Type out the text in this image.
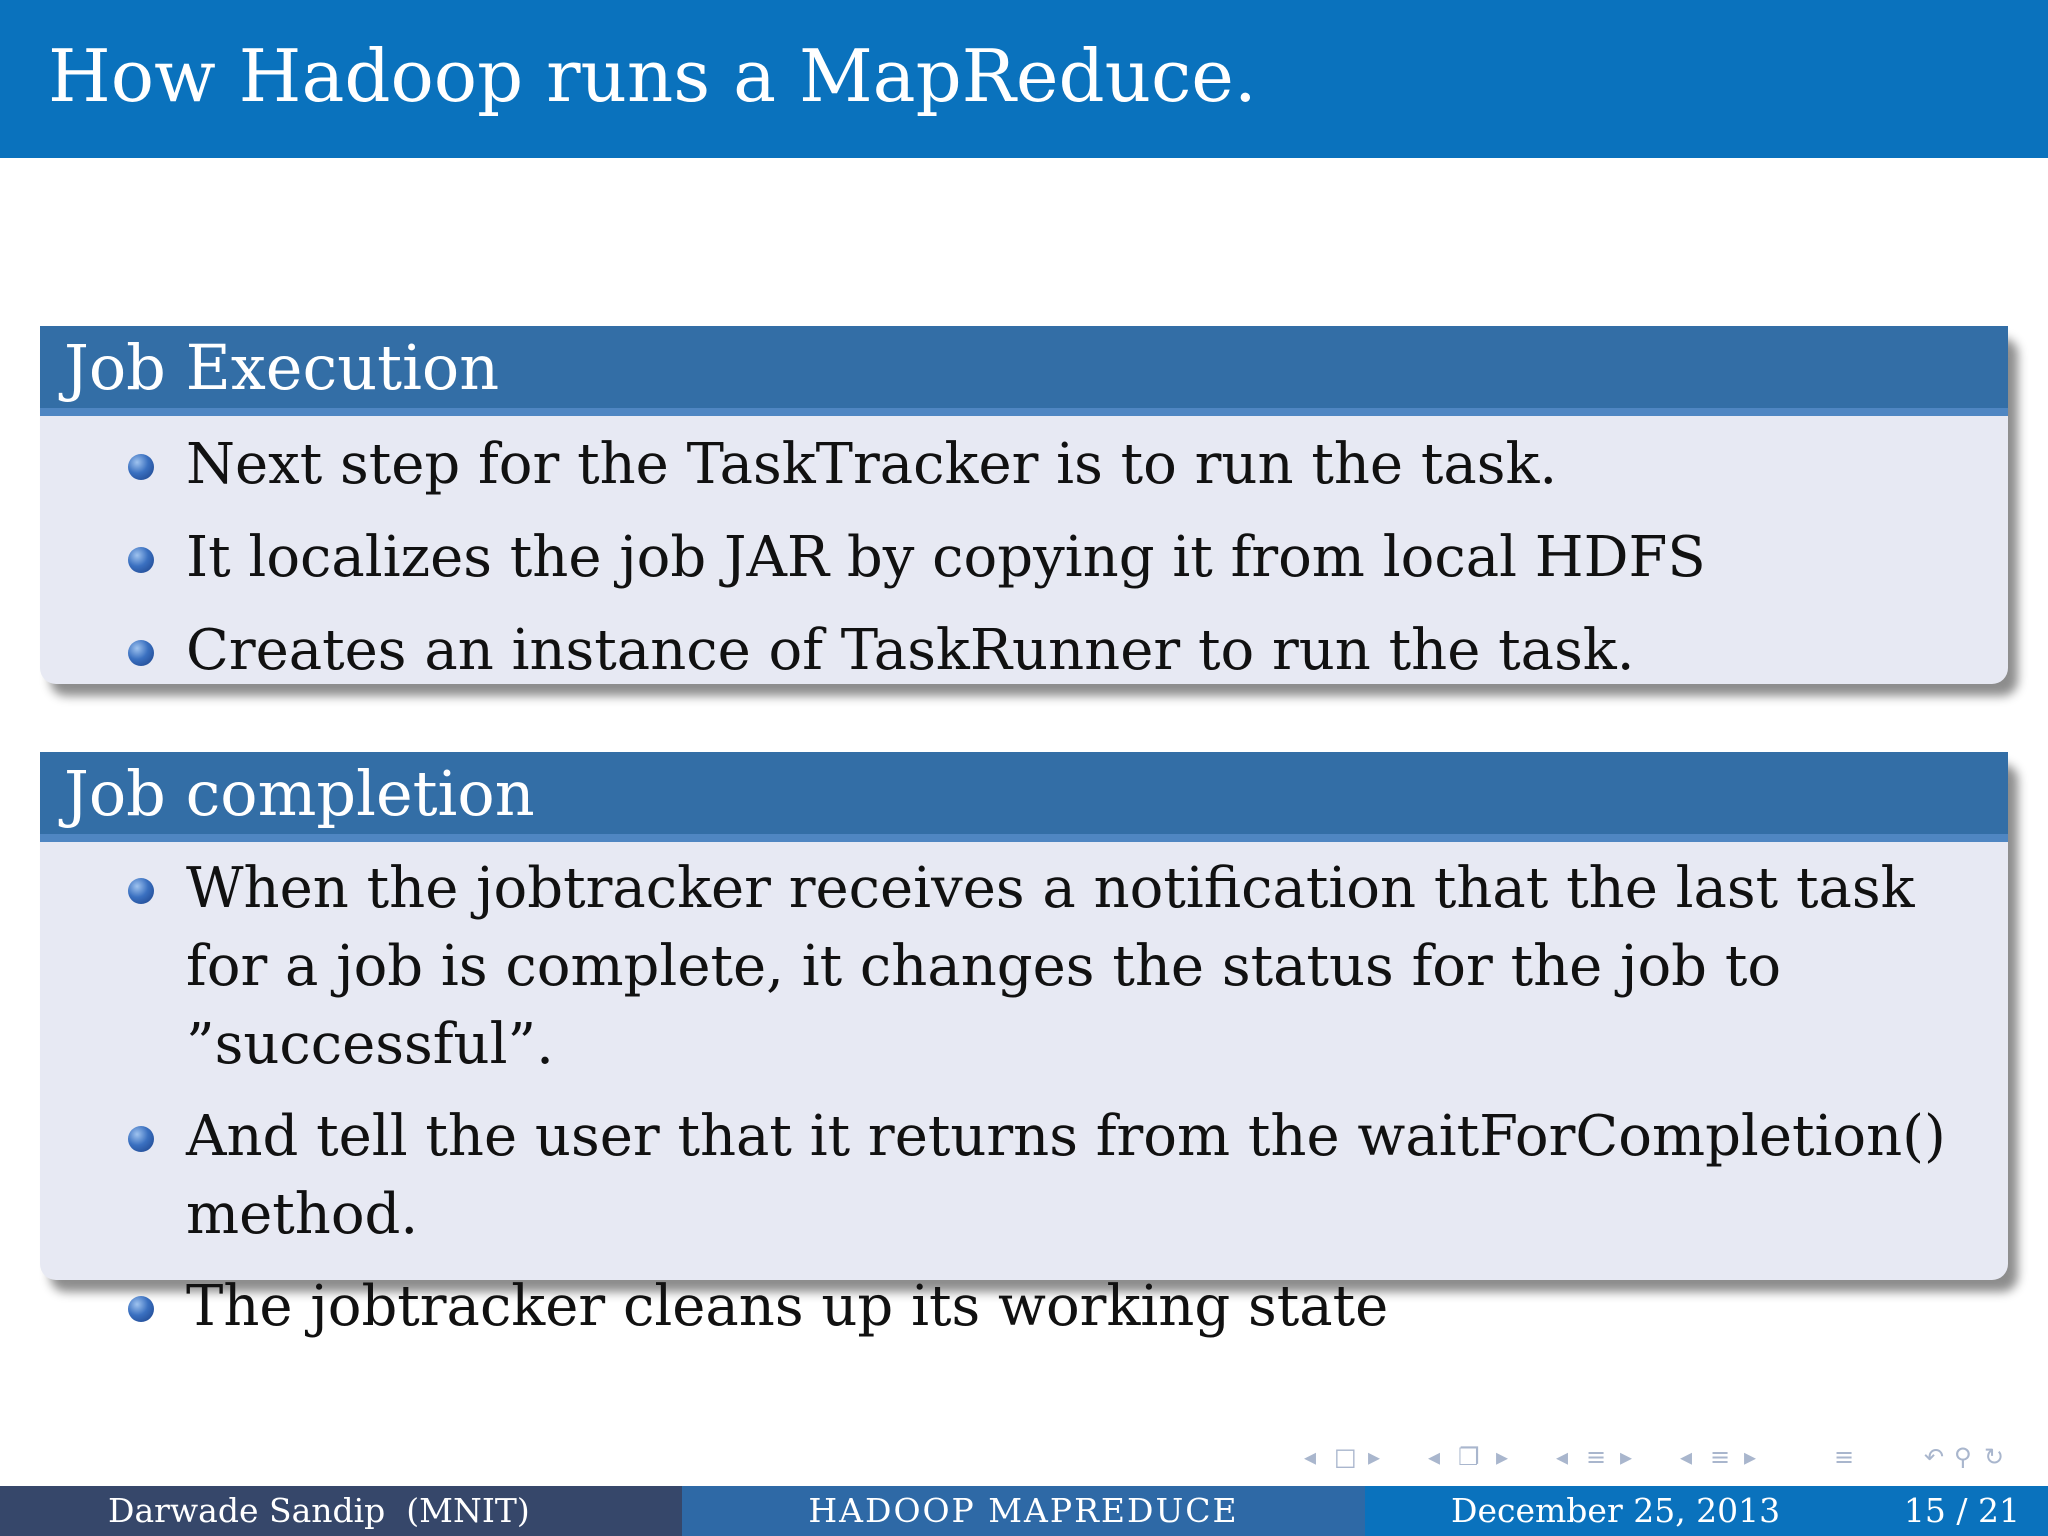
How Hadoop runs a MapReduce.
Job Execution
Next step for the TaskTracker is to run the task.
It localizes the job JAR by copying it from local HDFS
Creates an instance of TaskRunner to run the task.
Job completion
When the jobtracker receives a notification that the last task for a job is complete, it changes the status for the job to ”successful”.
And tell the user that it returns from the waitForCompletion() method.
The jobtracker cleans up its working state
◂ □ ▸ ◂ ❐ ▸ ◂ ≡ ▸ ◂ ≡ ▸	≡	↶ ⚲ ↻
Darwade Sandip  (MNIT)	HADOOP MAPREDUCE	December 25, 2013	15 / 21
